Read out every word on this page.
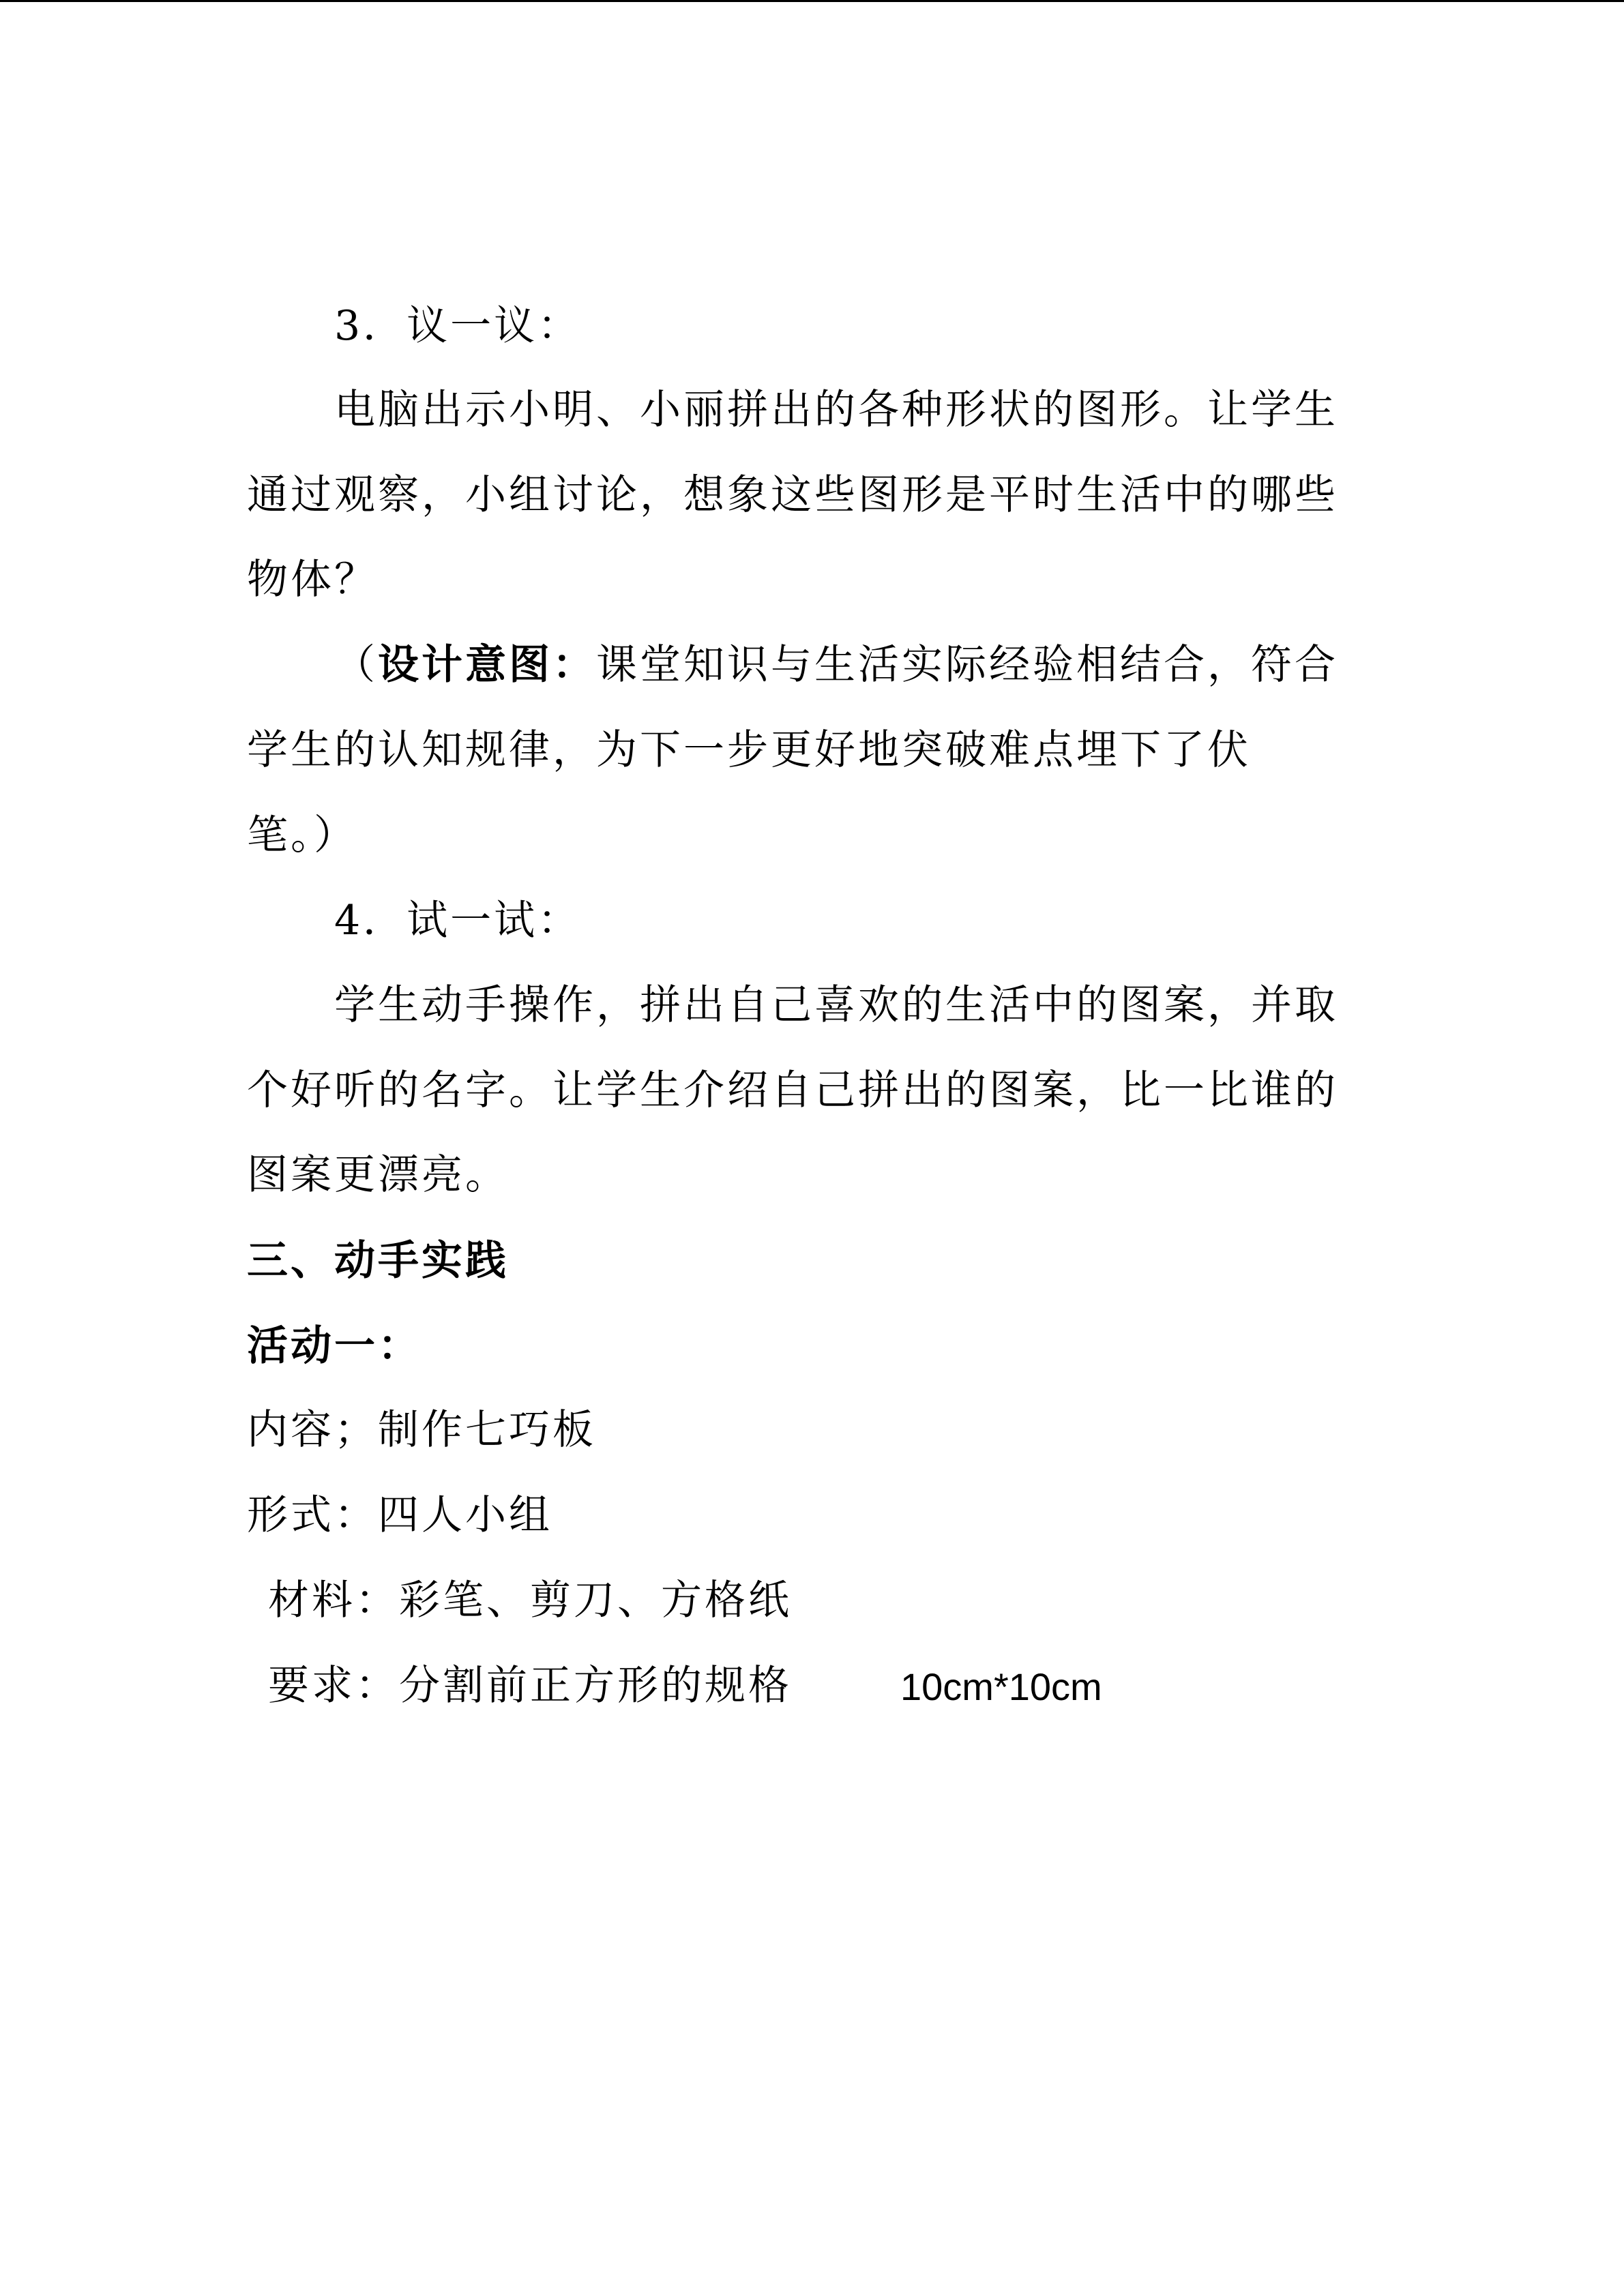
3．议一议：
电脑出示小明、小丽拼出的各种形状的图形。让学生
通过观察，小组讨论，想象这些图形是平时生活中的哪些
物体？
（设计意图：课堂知识与生活实际经验相结合，符合
学生的认知规律，为下一步更好地突破难点埋下了伏
笔。）
4．试一试：
学生动手操作，拼出自己喜欢的生活中的图案，并取
个好听的名字。让学生介绍自己拼出的图案，比一比谁的
图案更漂亮。
三、动手实践
活动一：
内容；制作七巧板
形式：四人小组
材料：彩笔、剪刀、方格纸
要求：分割前正方形的规格	10cm*10cm
